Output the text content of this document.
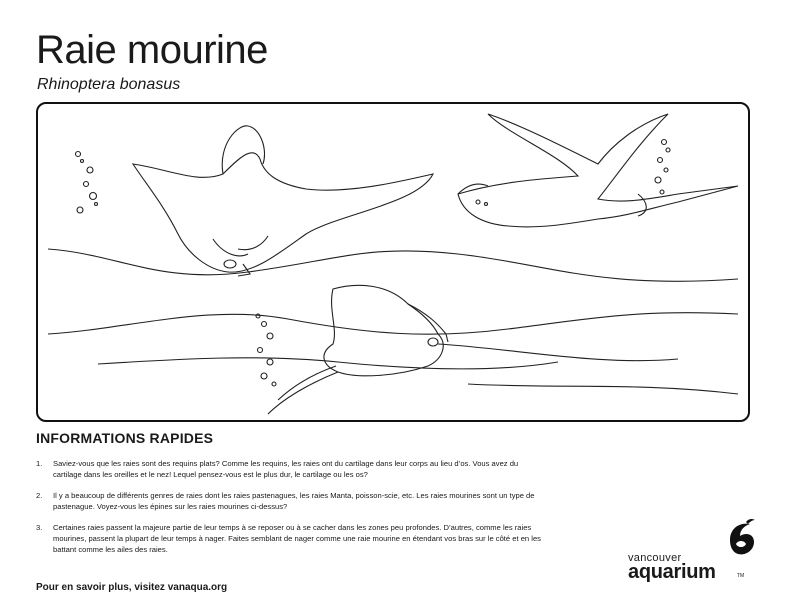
Raie mourine

Rhinoptera bonasus

INFORMATIONS RAPIDES
1. Saviez-vous que les raies sont des requins plats? Comme les requins, les raies ont du cartilage dans leur corps au lieu d’os. Vous avez du cartilage dans les oreilles et le nez! Lequel pensez-vous est le plus dur, le cartilage ou les os?
2. Il y a beaucoup de différents genres de raies dont les raies pastenagues, les raies Manta, poisson-scie, etc. Les raies mourines sont un type de pastenague. Voyez-vous les épines sur les raies mourines ci-dessus?
3. Certaines raies passent la majeure partie de leur temps à se reposer ou à se cacher dans les zones peu profondes. D’autres, comme les raies mourines, passent la plupart de leur temps à nager. Faites semblant de nager comme une raie mourine en étendant vos bras sur le côté et en les battant comme les ailes des raies.

Pour en savoir plus, visitez vanaqua.org

vancouver
aquarium	TM
